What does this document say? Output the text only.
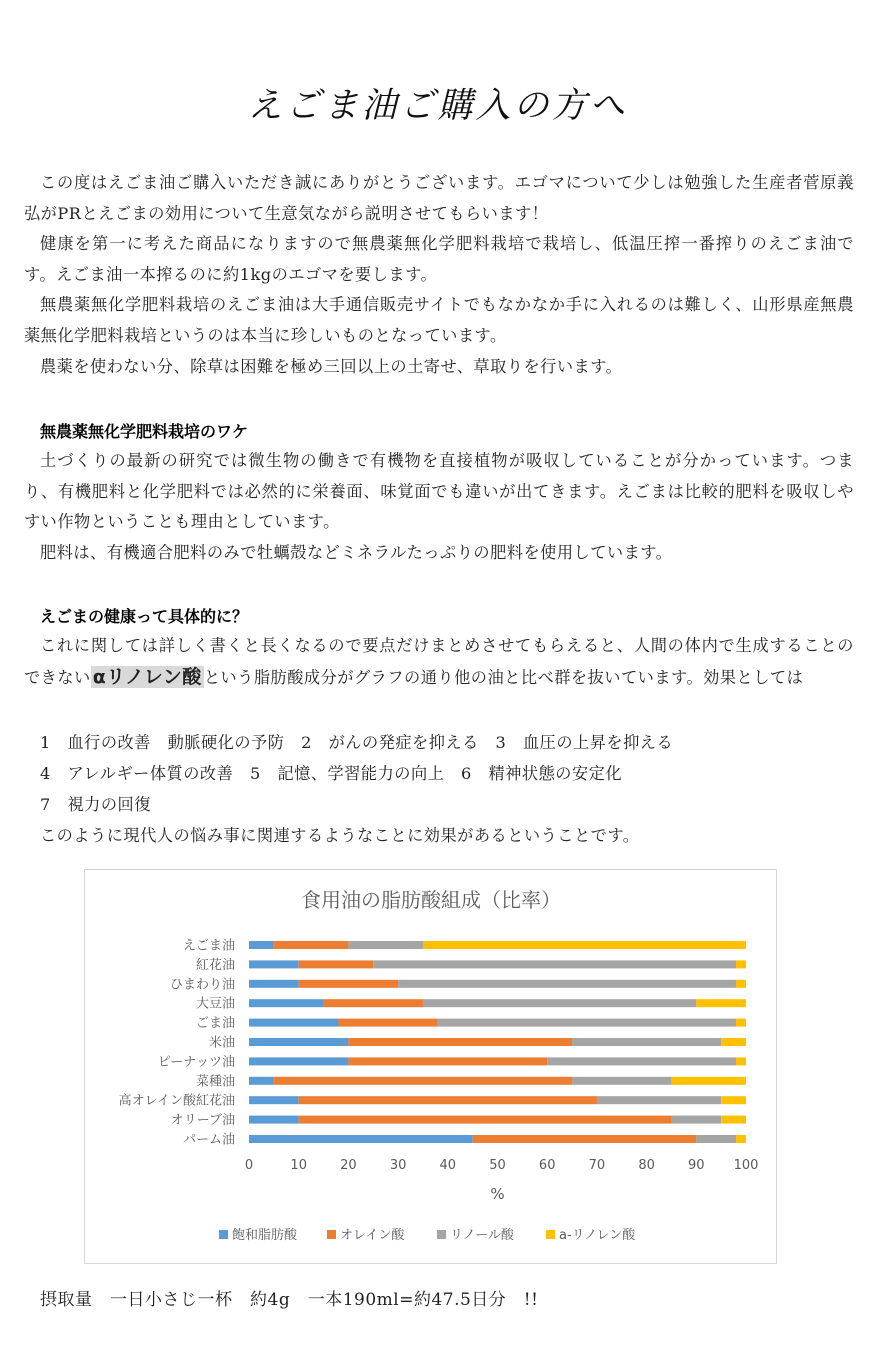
えごま油ご購入の方へ

この度はえごま油ご購入いただき誠にありがとうございます。エゴマについて少しは勉強した生産者菅原義弘がPRとえごまの効用について生意気ながら説明させてもらいます！

健康を第一に考えた商品になりますので無農薬無化学肥料栽培で栽培し、低温圧搾一番搾りのえごま油です。えごま油一本搾るのに約1kgのエゴマを要します。

無農薬無化学肥料栽培のえごま油は大手通信販売サイトでもなかなか手に入れるのは難しく、山形県産無農薬無化学肥料栽培というのは本当に珍しいものとなっています。

農薬を使わない分、除草は困難を極め三回以上の土寄せ、草取りを行います。

無農薬無化学肥料栽培のワケ

土づくりの最新の研究では微生物の働きで有機物を直接植物が吸収していることが分かっています。つまり、有機肥料と化学肥料では必然的に栄養面、味覚面でも違いが出てきます。えごまは比較的肥料を吸収しやすい作物ということも理由としています。

肥料は、有機適合肥料のみで牡蠣殻などミネラルたっぷりの肥料を使用しています。

えごまの健康って具体的に？

これに関しては詳しく書くと長くなるので要点だけまとめさせてもらえると、人間の体内で生成することのできない αリノレン酸 という脂肪酸成分がグラフの通り他の油と比べ群を抜いています。効果としては

1　血行の改善　動脈硬化の予防　2　がんの発症を抑える　3　血圧の上昇を抑える
4　アレルギー体質の改善　5　記憶、学習能力の向上　6　精神状態の安定化
7　視力の回復
このように現代人の悩み事に関連するようなことに効果があるということです。
食用油の脂肪酸組成（比率）
えごま油
紅花油
ひまわり油
大豆油
ごま油
米油
ピーナッツ油
菜種油
高オレイン酸紅花油
オリーブ油
パーム油
0	10	20	30	40	50	60	70	80	90 100
%
飽和脂肪酸	オレイン酸	リノール酸	a-リノレン酸
摂取量　一日小さじ一杯　約4g　一本190ml=約47.5日分　!!
